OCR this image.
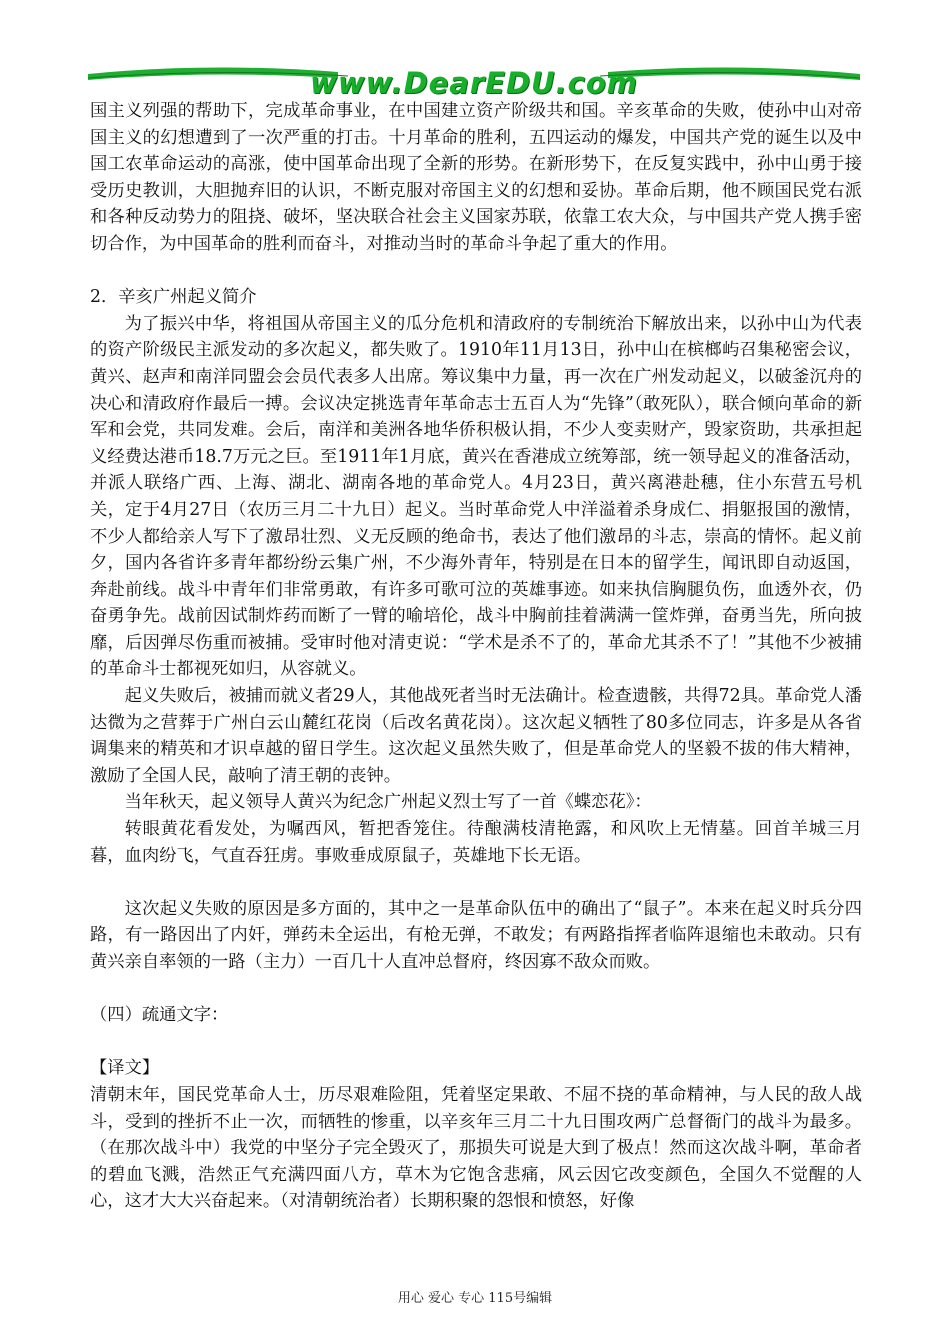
www.DearEDU.com

国主义列强的帮助下，完成革命事业，在中国建立资产阶级共和国。辛亥革命的失败，使孙中山对帝国主义的幻想遭到了一次严重的打击。十月革命的胜利，五四运动的爆发，中国共产党的诞生以及中国工农革命运动的高涨，使中国革命出现了全新的形势。在新形势下，在反复实践中，孙中山勇于接受历史教训，大胆抛弃旧的认识，不断克服对帝国主义的幻想和妥协。革命后期，他不顾国民党右派和各种反动势力的阻挠、破坏，坚决联合社会主义国家苏联，依靠工农大众，与中国共产党人携手密切合作，为中国革命的胜利而奋斗，对推动当时的革命斗争起了重大的作用。

2．辛亥广州起义简介

为了振兴中华，将祖国从帝国主义的瓜分危机和清政府的专制统治下解放出来，以孙中山为代表的资产阶级民主派发动的多次起义，都失败了。1910年11月13日，孙中山在槟榔屿召集秘密会议，黄兴、赵声和南洋同盟会会员代表多人出席。筹议集中力量，再一次在广州发动起义，以破釜沉舟的决心和清政府作最后一搏。会议决定挑选青年革命志士五百人为“先锋”（敢死队），联合倾向革命的新军和会党，共同发难。会后，南洋和美洲各地华侨积极认捐，不少人变卖财产，毁家资助，共承担起义经费达港币18.7万元之巨。至1911年1月底，黄兴在香港成立统筹部，统一领导起义的准备活动，并派人联络广西、上海、湖北、湖南各地的革命党人。4月23日，黄兴离港赴穗，住小东营五号机关，定于4月27日（农历三月二十九日）起义。当时革命党人中洋溢着杀身成仁、捐躯报国的激情，不少人都给亲人写下了激昂壮烈、义无反顾的绝命书，表达了他们激昂的斗志，崇高的情怀。起义前夕，国内各省许多青年都纷纷云集广州，不少海外青年，特别是在日本的留学生，闻讯即自动返国，奔赴前线。战斗中青年们非常勇敢，有许多可歌可泣的英雄事迹。如来执信胸腿负伤，血透外衣，仍奋勇争先。战前因试制炸药而断了一臂的喻培伦，战斗中胸前挂着满满一筐炸弹，奋勇当先，所向披靡，后因弹尽伤重而被捕。受审时他对清吏说：“学术是杀不了的，革命尤其杀不了！”其他不少被捕的革命斗士都视死如归，从容就义。

起义失败后，被捕而就义者29人，其他战死者当时无法确计。检查遗骸，共得72具。革命党人潘达微为之营葬于广州白云山麓红花岗（后改名黄花岗）。这次起义牺牲了80多位同志，许多是从各省调集来的精英和才识卓越的留日学生。这次起义虽然失败了，但是革命党人的坚毅不拔的伟大精神，激励了全国人民，敲响了清王朝的丧钟。

当年秋天，起义领导人黄兴为纪念广州起义烈士写了一首《蝶恋花》：

转眼黄花看发处，为嘱西风，暂把香笼住。待酿满枝清艳露，和风吹上无情墓。回首羊城三月暮，血肉纷飞，气直吞狂虏。事败垂成原鼠子，英雄地下长无语。

这次起义失败的原因是多方面的，其中之一是革命队伍中的确出了“鼠子”。本来在起义时兵分四路，有一路因出了内奸，弹药未全运出，有枪无弹，不敢发；有两路指挥者临阵退缩也未敢动。只有黄兴亲自率领的一路（主力）一百几十人直冲总督府，终因寡不敌众而败。

（四）疏通文字：

【译文】

清朝末年，国民党革命人士，历尽艰难险阻，凭着坚定果敢、不屈不挠的革命精神，与人民的敌人战斗，受到的挫折不止一次，而牺牲的惨重，以辛亥年三月二十九日围攻两广总督衙门的战斗为最多。（在那次战斗中）我党的中坚分子完全毁灭了，那损失可说是大到了极点！然而这次战斗啊，革命者的碧血飞溅，浩然正气充满四面八方，草木为它饱含悲痛，风云因它改变颜色，全国久不觉醒的人心，这才大大兴奋起来。（对清朝统治者）长期积聚的怨恨和愤怒，好像

用心 爱心 专心 115号编辑
